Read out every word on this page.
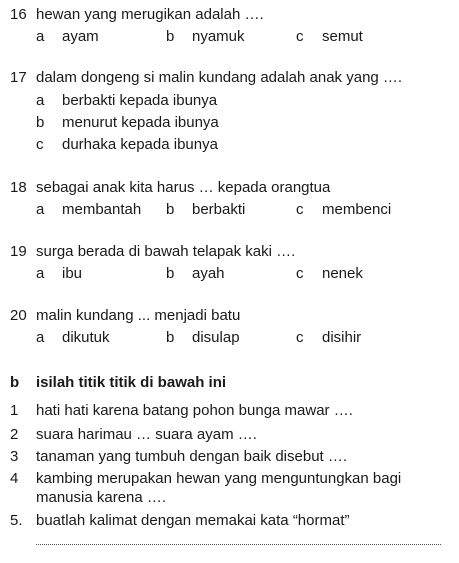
16 hewan yang merugikan adalah ….
a ayam	b nyamuk	c semut
17 dalam dongeng si malin kundang adalah anak yang ….
a berbakti kepada ibunya
b menurut kepada ibunya
c durhaka kepada ibunya
18 sebagai anak kita harus … kepada orangtua
a membantah b berbakti	c membenci
19 surga berada di bawah telapak kaki ….
a ibu	b ayah	c nenek
20 malin kundang ... menjadi batu
a dikutuk	b disulap	c disihir
b isilah titik titik di bawah ini
1 hati hati karena batang pohon bunga mawar ….
2 suara harimau … suara ayam ….
3 tanaman yang tumbuh dengan baik disebut ….
4 kambing merupakan hewan yang menguntungkan bagi
manusia karena ….
5. buatlah kalimat dengan memakai kata “hormat”
